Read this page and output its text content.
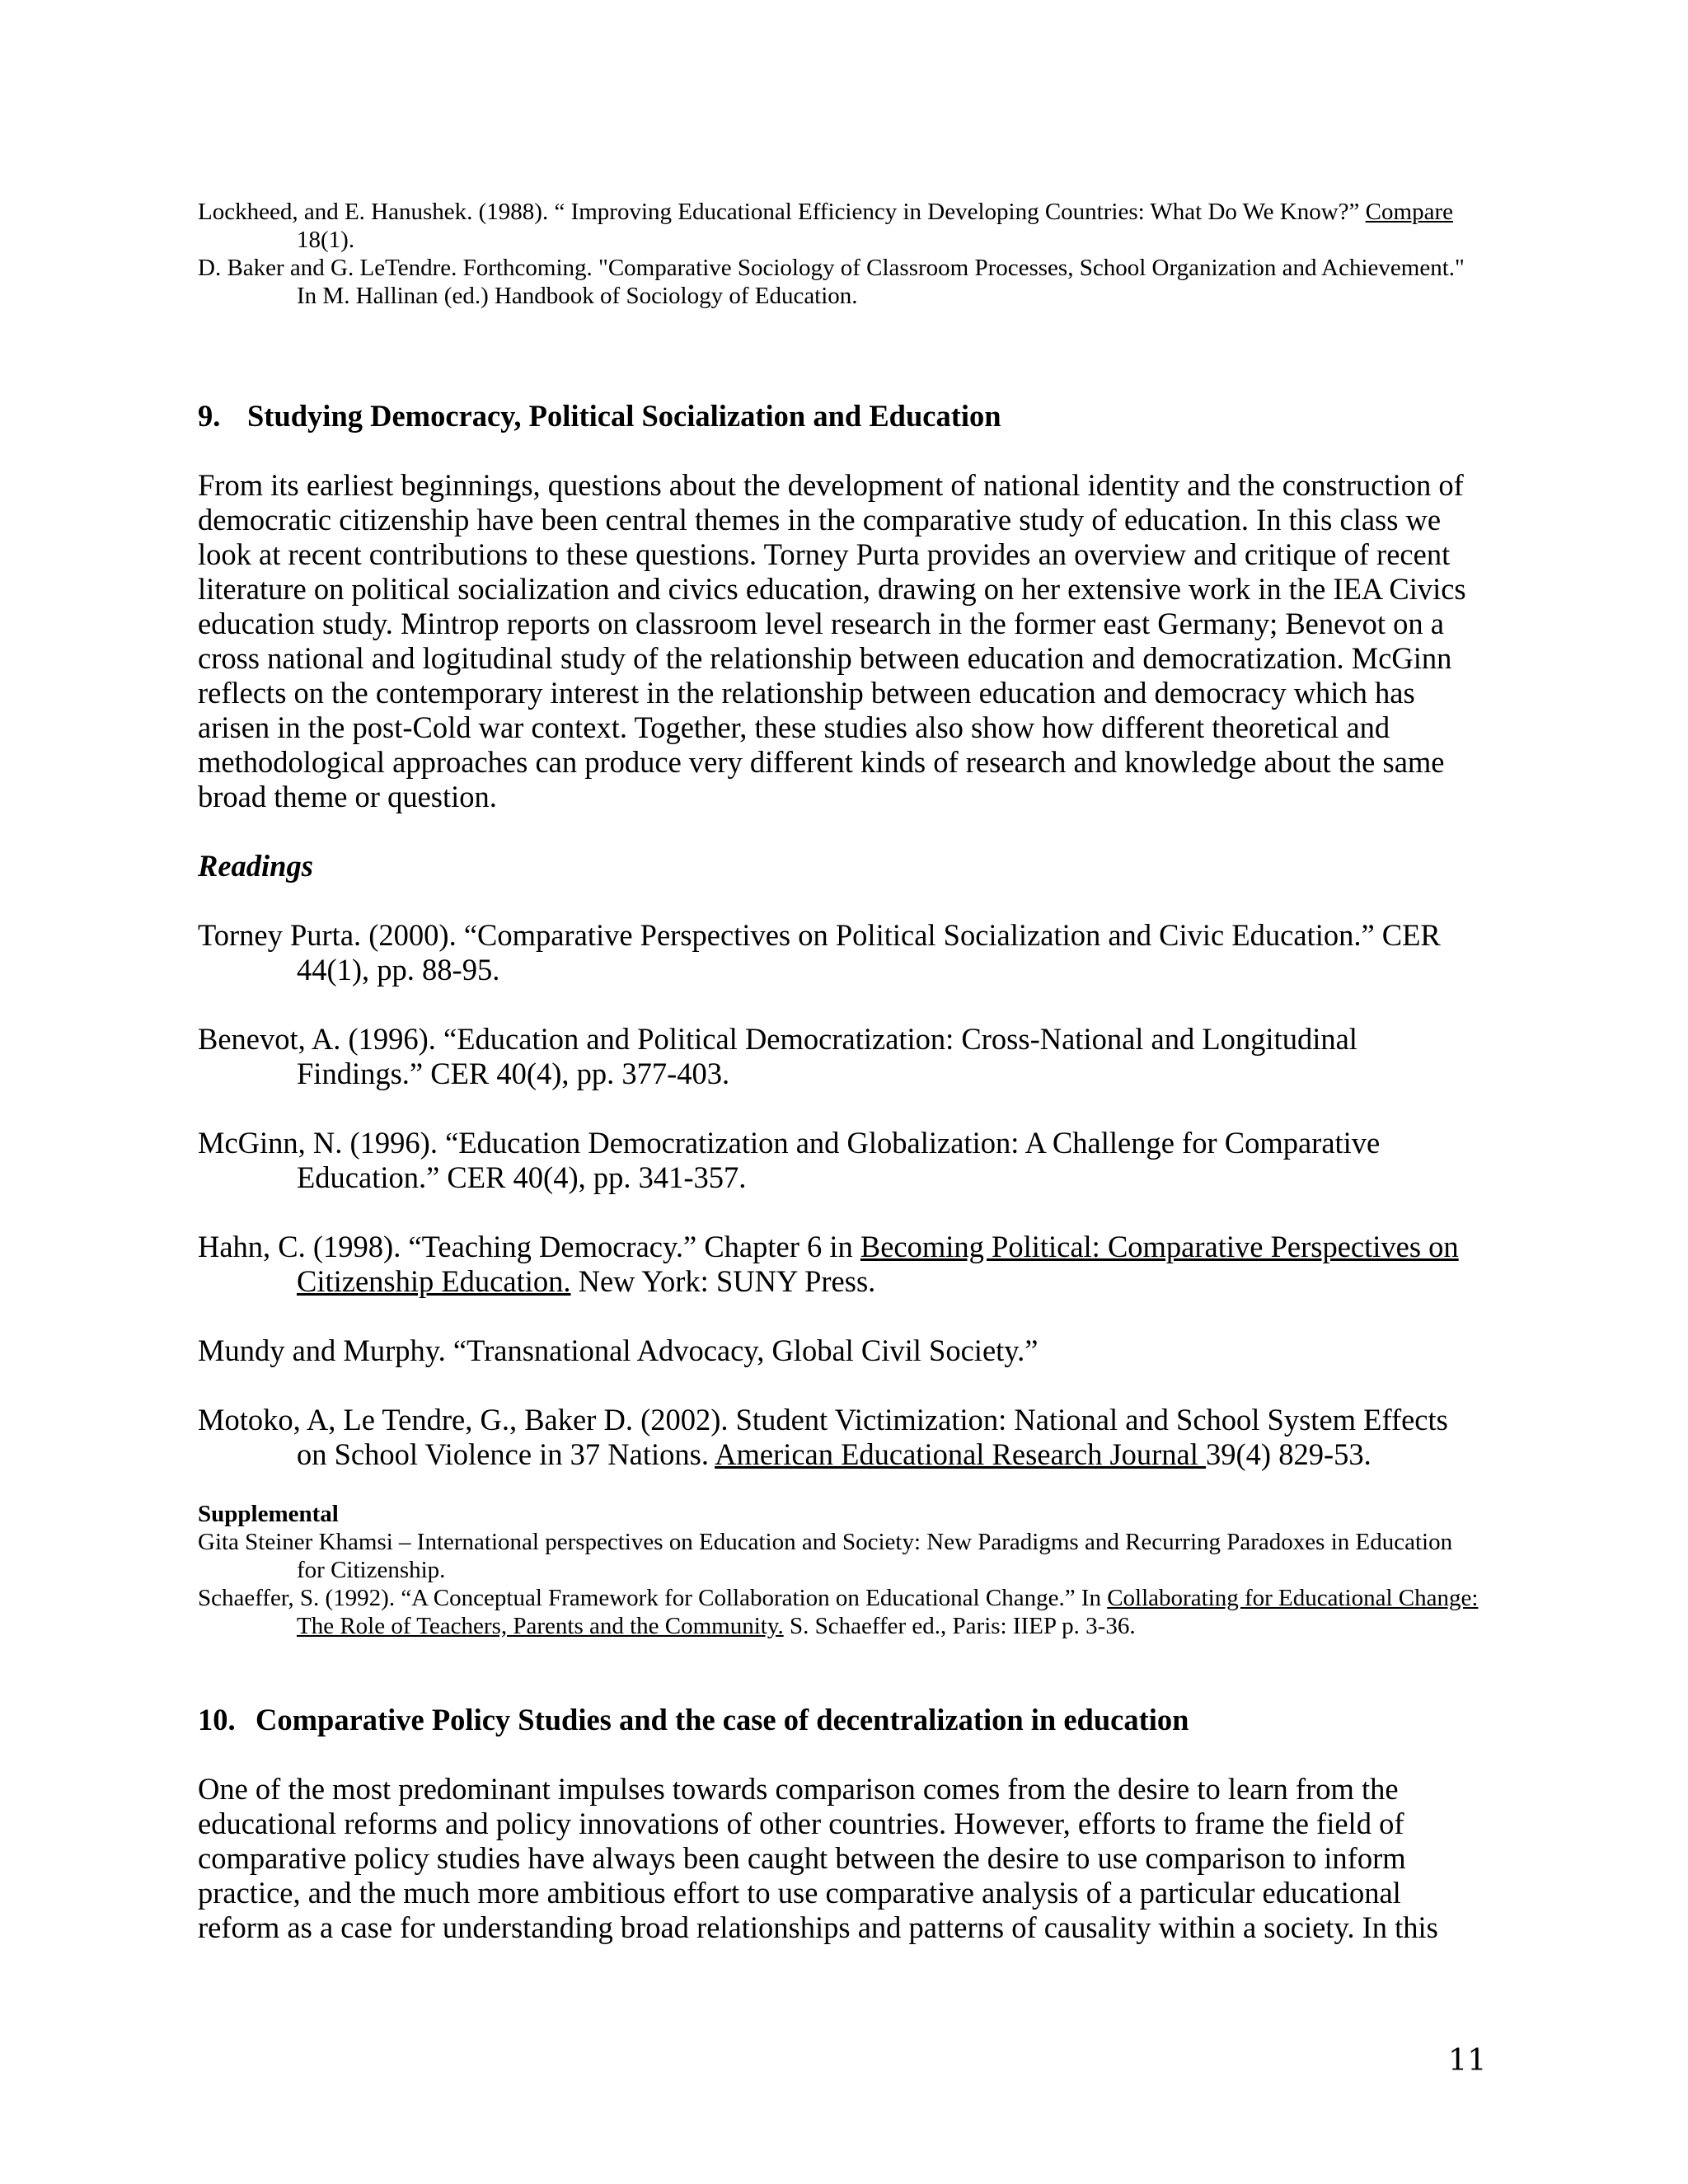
Lockheed, and E. Hanushek. (1988). “ Improving Educational Efficiency in Developing Countries: What Do We Know?” Compare 18(1).

D. Baker and G. LeTendre. Forthcoming. "Comparative Sociology of Classroom Processes, School Organization and Achievement." In M. Hallinan (ed.) Handbook of Sociology of Education.

9. Studying Democracy, Political Socialization and Education

From its earliest beginnings, questions about the development of national identity and the construction of democratic citizenship have been central themes in the comparative study of education. In this class we look at recent contributions to these questions. Torney Purta provides an overview and critique of recent literature on political socialization and civics education, drawing on her extensive work in the IEA Civics education study. Mintrop reports on classroom level research in the former east Germany; Benevot on a cross national and logitudinal study of the relationship between education and democratization. McGinn reflects on the contemporary interest in the relationship between education and democracy which has arisen in the post-Cold war context. Together, these studies also show how different theoretical and methodological approaches can produce very different kinds of research and knowledge about the same broad theme or question.

Readings

Torney Purta. (2000). “Comparative Perspectives on Political Socialization and Civic Education.” CER 44(1), pp. 88-95.

Benevot, A. (1996). “Education and Political Democratization: Cross-National and Longitudinal Findings.” CER 40(4), pp. 377-403.

McGinn, N. (1996). “Education Democratization and Globalization: A Challenge for Comparative Education.” CER 40(4), pp. 341-357.

Hahn, C. (1998). “Teaching Democracy.” Chapter 6 in Becoming Political: Comparative Perspectives on Citizenship Education. New York: SUNY Press.

Mundy and Murphy. “Transnational Advocacy, Global Civil Society.”

Motoko, A, Le Tendre, G., Baker D. (2002). Student Victimization: National and School System Effects on School Violence in 37 Nations. American Educational Research Journal 39(4) 829-53.

Supplemental

Gita Steiner Khamsi – International perspectives on Education and Society: New Paradigms and Recurring Paradoxes in Education for Citizenship.

Schaeffer, S. (1992). “A Conceptual Framework for Collaboration on Educational Change.” In Collaborating for Educational Change: The Role of Teachers, Parents and the Community. S. Schaeffer ed., Paris: IIEP p. 3-36.

10. Comparative Policy Studies and the case of decentralization in education

One of the most predominant impulses towards comparison comes from the desire to learn from the educational reforms and policy innovations of other countries. However, efforts to frame the field of comparative policy studies have always been caught between the desire to use comparison to inform practice, and the much more ambitious effort to use comparative analysis of a particular educational reform as a case for understanding broad relationships and patterns of causality within a society. In this

11
